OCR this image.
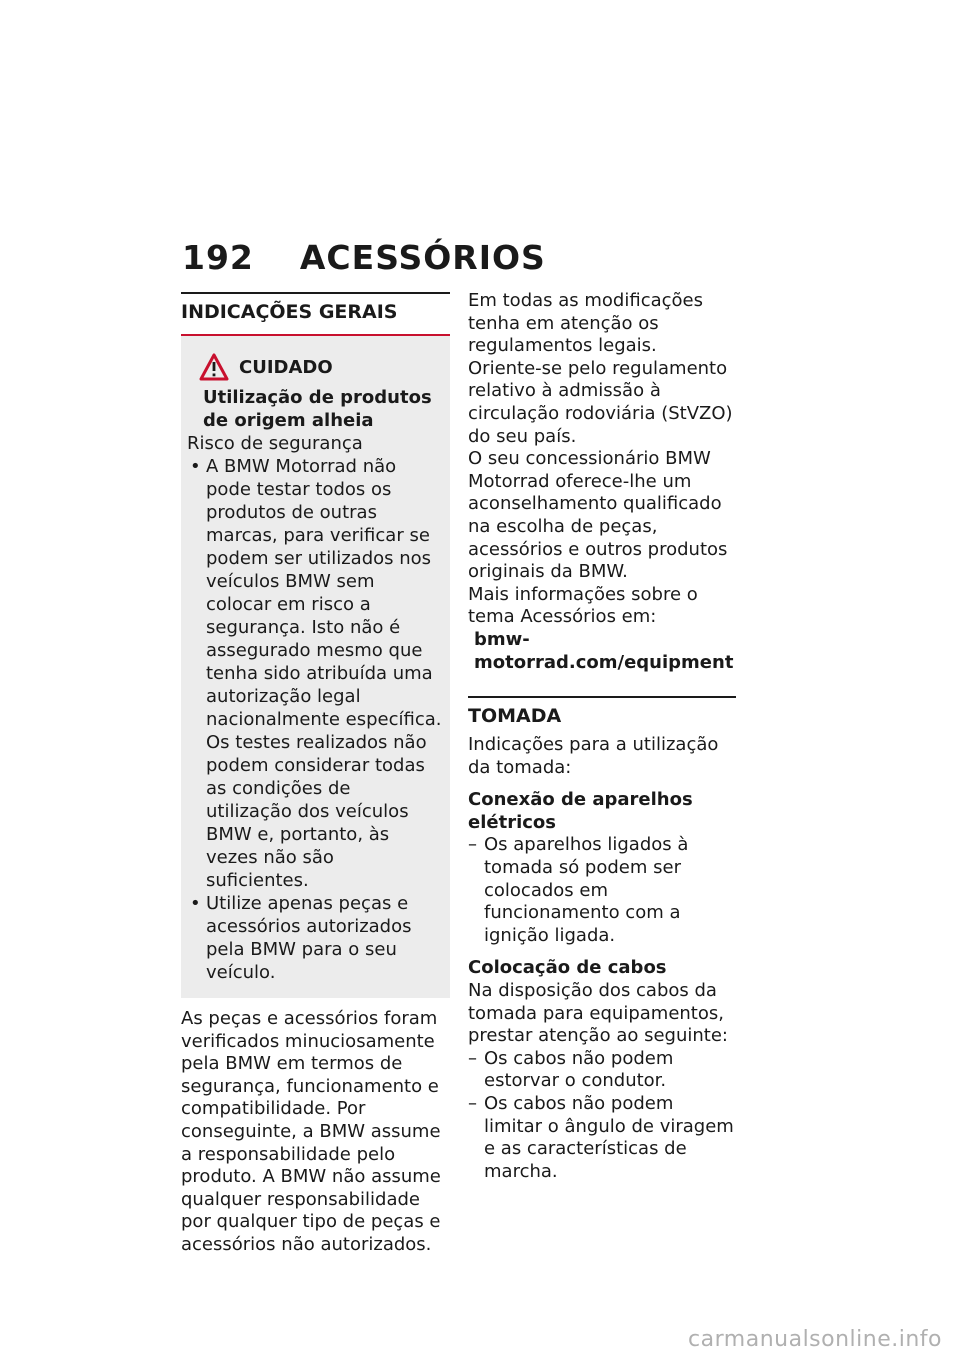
192 ACESSÓRIOS
INDICAÇÕES GERAIS
CUIDADO
Utilização de produtos de origem alheia
Risco de segurança
• A BMW Motorrad não pode testar todos os produtos de outras marcas, para verificar se podem ser utilizados nos veículos BMW sem colocar em risco a segurança. Isto não é assegurado mesmo que tenha sido atribuída uma autorização legal nacionalmente específica. Os testes realizados não podem considerar todas as condições de utilização dos veículos BMW e, portanto, às vezes não são suficientes.
• Utilize apenas peças e acessórios autorizados pela BMW para o seu veículo.

As peças e acessórios foram verificados minuciosamente pela BMW em termos de segurança, funcionamento e compatibilidade. Por conseguinte, a BMW assume a responsabilidade pelo produto. A BMW não assume qualquer responsabilidade por qualquer tipo de peças e acessórios não autorizados.

Em todas as modificações tenha em atenção os regulamentos legais. Oriente-se pelo regulamento relativo à admissão à circulação rodoviária (StVZO) do seu país.

O seu concessionário BMW Motorrad oferece-lhe um aconselhamento qualificado na escolha de peças, acessórios e outros produtos originais da BMW.

Mais informações sobre o tema Acessórios em:

bmw-motorrad.com/equipment

TOMADA

Indicações para a utilização da tomada:

Conexão de aparelhos elétricos

– Os aparelhos ligados à tomada só podem ser colocados em funcionamento com a ignição ligada.

Colocação de cabos

Na disposição dos cabos da tomada para equipamentos, prestar atenção ao seguinte:

– Os cabos não podem estorvar o condutor.
– Os cabos não podem limitar o ângulo de viragem e as características de marcha.
carmanualsonline.info
